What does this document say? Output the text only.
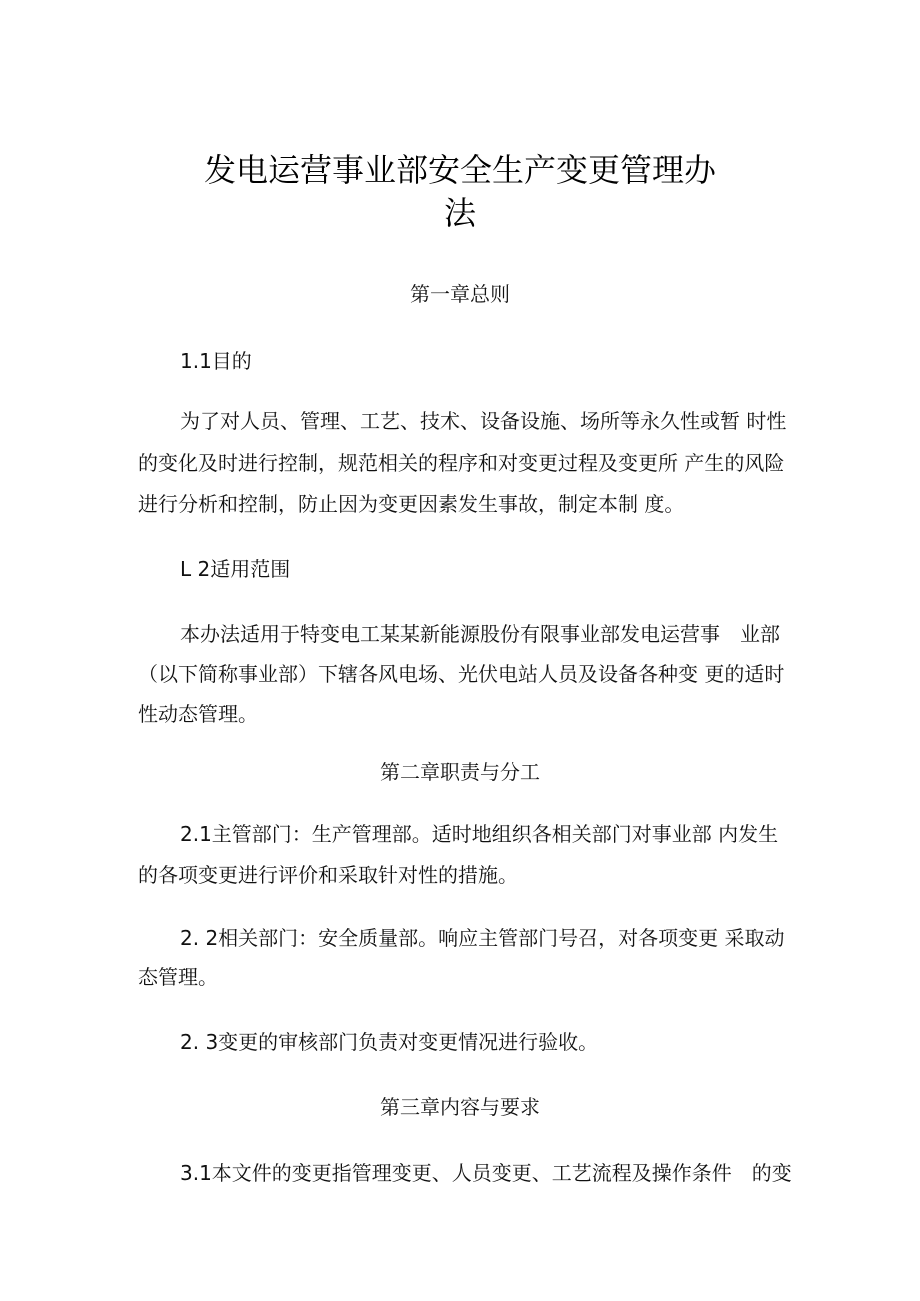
发电运营事业部安全生产变更管理办
法
第一章总则
1.1目的
为了对人员、管理、工艺、技术、设备设施、场所等永久性或暂 时性
的变化及时进行控制，规范相关的程序和对变更过程及变更所 产生的风险
进行分析和控制，防止因为变更因素发生事故，制定本制 度。
L 2适用范围
本办法适用于特变电工某某新能源股份有限事业部发电运营事　业部
（以下简称事业部）下辖各风电场、光伏电站人员及设备各种变 更的适时
性动态管理。
第二章职责与分工
2.1主管部门：生产管理部。适时地组织各相关部门对事业部 内发生
的各项变更进行评价和采取针对性的措施。
2. 2相关部门：安全质量部。响应主管部门号召，对各项变更 采取动
态管理。
2. 3变更的审核部门负责对变更情况进行验收。
第三章内容与要求
3.1本文件的变更指管理变更、人员变更、工艺流程及操作条件　的变
